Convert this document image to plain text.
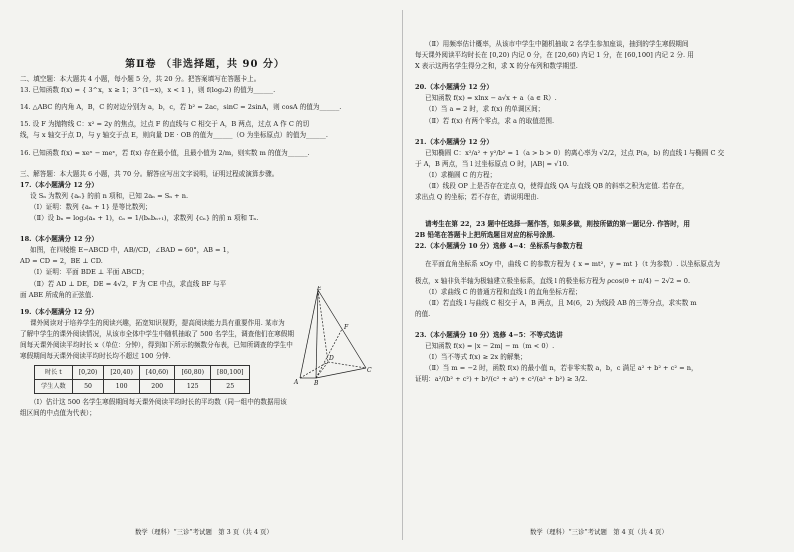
第Ⅱ卷 （非选择题，共 90 分）

二、填空题：本大题共 4 小题，每小题 5 分，共 20 分。把答案填写在答题卡上。

13. 已知函数 f(x) = { 3^x，x ≥ 1；3^(1−x)，x < 1 }，则 f(log₃2) 的值为______.

14. △ABC 的内角 A，B，C 的对边分别为 a，b，c，若 b² = 2ac，sinC = 2sinA，则 cosA 的值为______.

15. 设 F 为抛物线 C：x² = 2y 的焦点，过点 F 的直线与 C 相交于 A，B 两点，过点 A 作 C 的切

线，与 x 轴交于点 D，与 y 轴交于点 E，则向量 DE · OB 的值为______（O 为坐标原点）的值为______.

16. 已知函数 f(x) = xeˣ − meˣ，若 f(x) 存在最小值，且最小值为 2/m，则实数 m 的值为______.

三、解答题：本大题共 6 小题，共 70 分。解答应写出文字说明，证明过程或演算步骤。

17.（本小题满分 12 分）

设 Sₙ 为数列 {aₙ} 的前 n 项和，已知 2aₙ = Sₙ + n.

（Ⅰ）证明：数列 {aₙ + 1} 是等比数列；

（Ⅱ）设 bₙ = log₂(aₙ + 1)，cₙ = 1/(bₙbₙ₊₁)，求数列 {cₙ} 的前 n 项和 Tₙ.

18.（本小题满分 12 分）

如图，在四棱锥 E−ABCD 中，AB//CD，∠BAD = 60°，AB = 1，

AD = CD = 2，BE ⊥ CD.

（Ⅰ）证明：平面 BDE ⊥ 平面 ABCD；

（Ⅱ）若 AD ⊥ DE，DE = 4√2，F 为 CE 中点，求直线 BF 与平

面 ABE 所成角的正弦值.

19.（本小题满分 12 分）

课外阅读对于培养学生的阅读兴趣，拓宽知识视野，提高阅读能力具有重要作用. 某市为

了解中学生的课外阅读情况，从该市全体中学生中随机抽取了 500 名学生，调查他们在寒假期

间每天课外阅读平均时长 x（单位：分钟），得到如下所示的频数分布表，已知所调查的学生中

寒假期间每天课外阅读平均时长均不超过 100 分钟.

时长 t	[0,20)	[20,40)	[40,60)	[60,80)	[80,100]
学生人数	50	100	200	125	25

（Ⅰ）估计这 500 名学生寒假期间每天课外阅读平均时长的平均数（同一组中的数据用该

组区间的中点值为代表）；

E
F
D
A	B
C

（Ⅱ）用频率估计概率，从该市中学生中随机抽取 2 名学生参加座谈，抽到的学生寒假期间

每天课外阅读平均时长在 [0,20) 内记 0 分，在 [20,60) 内记 1 分，在 [60,100] 内记 2 分. 用

X 表示这两名学生得分之和，求 X 的分布列和数学期望.

20.（本小题满分 12 分）

已知函数 f(x) = xlnx − a√x + a（a ∈ R）.

（Ⅰ）当 a = 2 时，求 f(x) 的单调区间；

（Ⅱ）若 f(x) 有两个零点，求 a 的取值范围.

21.（本小题满分 12 分）

已知椭圆 C：x²/a² + y²/b² = 1（a > b > 0）的离心率为 √2/2，过点 P(a，b) 的直线 l 与椭圆 C 交

于 A，B 两点，当 l 过坐标原点 O 时，|AB| = √10.

（Ⅰ）求椭圆 C 的方程；

（Ⅱ）线段 OP 上是否存在定点 Q，使得直线 QA 与直线 QB 的斜率之积为定值. 若存在，

求出点 Q 的坐标；若不存在，请说明理由.

请考生在第 22，23 题中任选择一题作答，如果多做，则按所做的第一题记分. 作答时，用

2B 铅笔在答题卡上把所选题目对应的标号涂黑.

22.（本小题满分 10 分）选修 4−4：坐标系与参数方程

在平面直角坐标系 xOy 中，曲线 C 的参数方程为 { x = mt²，y = mt }（t 为参数）. 以坐标原点为

极点，x 轴非负半轴为极轴建立极坐标系，直线 l 的极坐标方程为 ρcos(θ + π/4) − 2√2 = 0.

（Ⅰ）求曲线 C 的普通方程和直线 l 的直角坐标方程；

（Ⅱ）若直线 l 与曲线 C 相交于 A，B 两点，且 M(6，2) 为线段 AB 的三等分点，求实数 m

的值.

23.（本小题满分 10 分）选修 4−5：不等式选讲

已知函数 f(x) = |x − 2m| − m（m < 0）.

（Ⅰ）当不等式 f(x) ≥ 2x 的解集；

（Ⅱ）当 m = −2 时，函数 f(x) 的最小值 n，若非零实数 a，b，c 满足 a² + b² + c² = n，

证明：a²/(b² + c²) + b²/(c² + a²) + c²/(a² + b²) ≥ 3/2.

数学（理科）“三诊”考试题　第 3 页（共 4 页）	数学（理科）“三诊”考试题　第 4 页（共 4 页）
